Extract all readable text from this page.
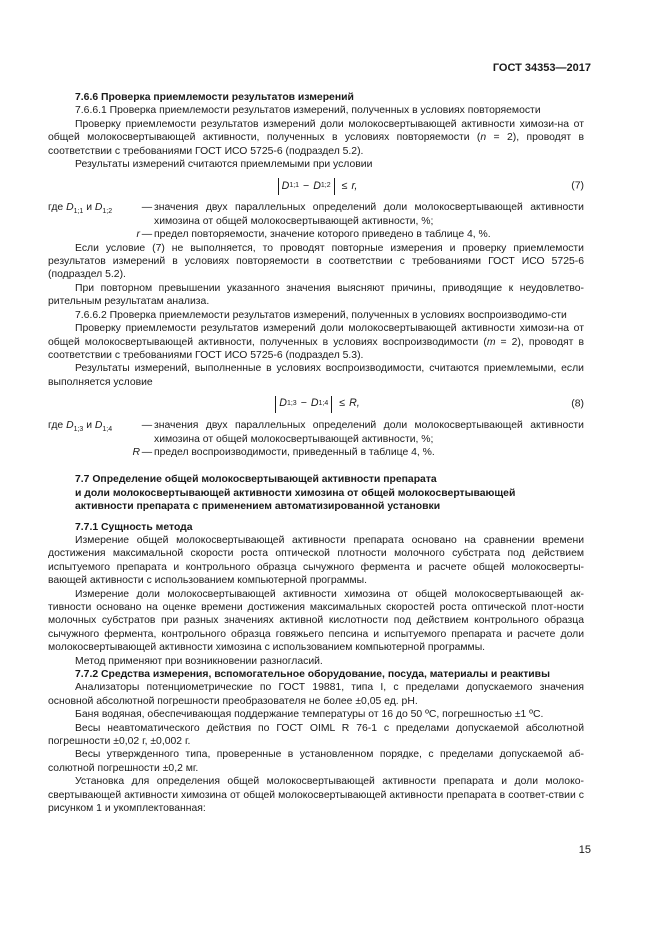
ГОСТ 34353—2017

7.6.6 Проверка приемлемости результатов измерений

7.6.6.1 Проверка приемлемости результатов измерений, полученных в условиях повторяемости

Проверку приемлемости результатов измерений доли молокосвертывающей активности химози-на от общей молокосвертывающей активности, полученных в условиях повторяемости (n = 2), проводят в соответствии с требованиями ГОСТ ИСО 5725-6 (подраздел 5.2).

Результаты измерений считаются приемлемыми при условии

D 1;1 − D 1;2 ≤ r,	(7)
где $D_{1;1}$ и $D_{1;2}$	— значения двух параллельных определений доли молокосвертывающей активности химозина от общей молокосвертывающей активности, %;
r — предел повторяемости, значение которого приведено в таблице 4, %.

Если условие (7) не выполняется, то проводят повторные измерения и проверку приемлемости результатов измерений в условиях повторяемости в соответствии с требованиями ГОСТ ИСО 5725-6 (подраздел 5.2).

При повторном превышении указанного значения выясняют причины, приводящие к неудовлетво-рительным результатам анализа.

7.6.6.2 Проверка приемлемости результатов измерений, полученных в условиях воспроизводимо-сти

Проверку приемлемости результатов измерений доли молокосвертывающей активности химози-на от общей молокосвертывающей активности, полученных в условиях воспроизводимости (m = 2), проводят в соответствии с требованиями ГОСТ ИСО 5725-6 (подраздел 5.3).

Результаты измерений, выполненные в условиях воспроизводимости, считаются приемлемыми, если выполняется условие

D 1;3 − D 1;4 ≤ R,	(8)
где $D_{1;3}$ и $D_{1;4}$	— значения двух параллельных определений доли молокосвертывающей активности химозина от общей молокосвертывающей активности, %;
R — предел воспроизводимости, приведенный в таблице 4, %.
7.7 Определение общей молокосвертывающей активности препарата
и доли молокосвертывающей активности химозина от общей молокосвертывающей
активности препарата с применением автоматизированной установки

7.7.1 Сущность метода

Измерение общей молокосвертывающей активности препарата основано на сравнении времени достижения максимальной скорости роста оптической плотности молочного субстрата под действием испытуемого препарата и контрольного образца сычужного фермента и расчете общей молокосверты-вающей активности с использованием компьютерной программы.

Измерение доли молокосвертывающей активности химозина от общей молокосвертывающей ак-тивности основано на оценке времени достижения максимальных скоростей роста оптической плот-ности молочных субстратов при разных значениях активной кислотности под действием контрольного образца сычужного фермента, контрольного образца говяжьего пепсина и испытуемого препарата и расчете доли молокосвертывающей активности химозина с использованием компьютерной программы.

Метод применяют при возникновении разногласий.

7.7.2 Средства измерения, вспомогательное оборудование, посуда, материалы и реактивы

Анализаторы потенциометрические по ГОСТ 19881, типа I, с пределами допускаемого значения основной абсолютной погрешности преобразователя не более ±0,05 ед. рН.

Баня водяная, обеспечивающая поддержание температуры от 16 до 50 ºС, погрешностью ±1 ºС.

Весы неавтоматического действия по ГОСТ OIML R 76-1 с пределами допускаемой абсолютной погрешности ±0,02 г, ±0,002 г.

Весы утвержденного типа, проверенные в установленном порядке, с пределами допускаемой аб-солютной погрешности ±0,2 мг.

Установка для определения общей молокосвертывающей активности препарата и доли молоко-свертывающей активности химозина от общей молокосвертывающей активности препарата в соответ-ствии с рисунком 1 и укомплектованная:

15
